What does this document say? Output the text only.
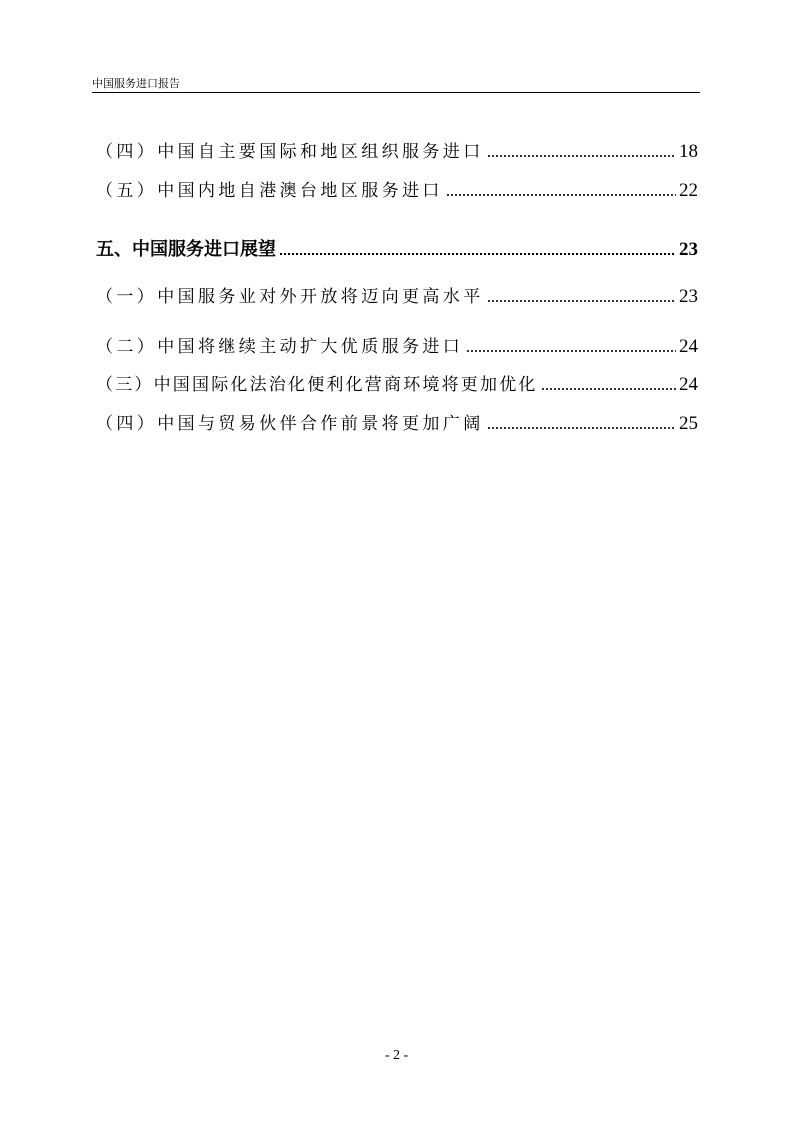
中国服务进口报告
（四）中国自主要国际和地区组织服务进口	18
（五）中国内地自港澳台地区服务进口	22
五、中国服务进口展望	23
（一）中国服务业对外开放将迈向更高水平	23
（二）中国将继续主动扩大优质服务进口	24
（三）中国国际化法治化便利化营商环境将更加优化	24
（四）中国与贸易伙伴合作前景将更加广阔	25
- 2 -
